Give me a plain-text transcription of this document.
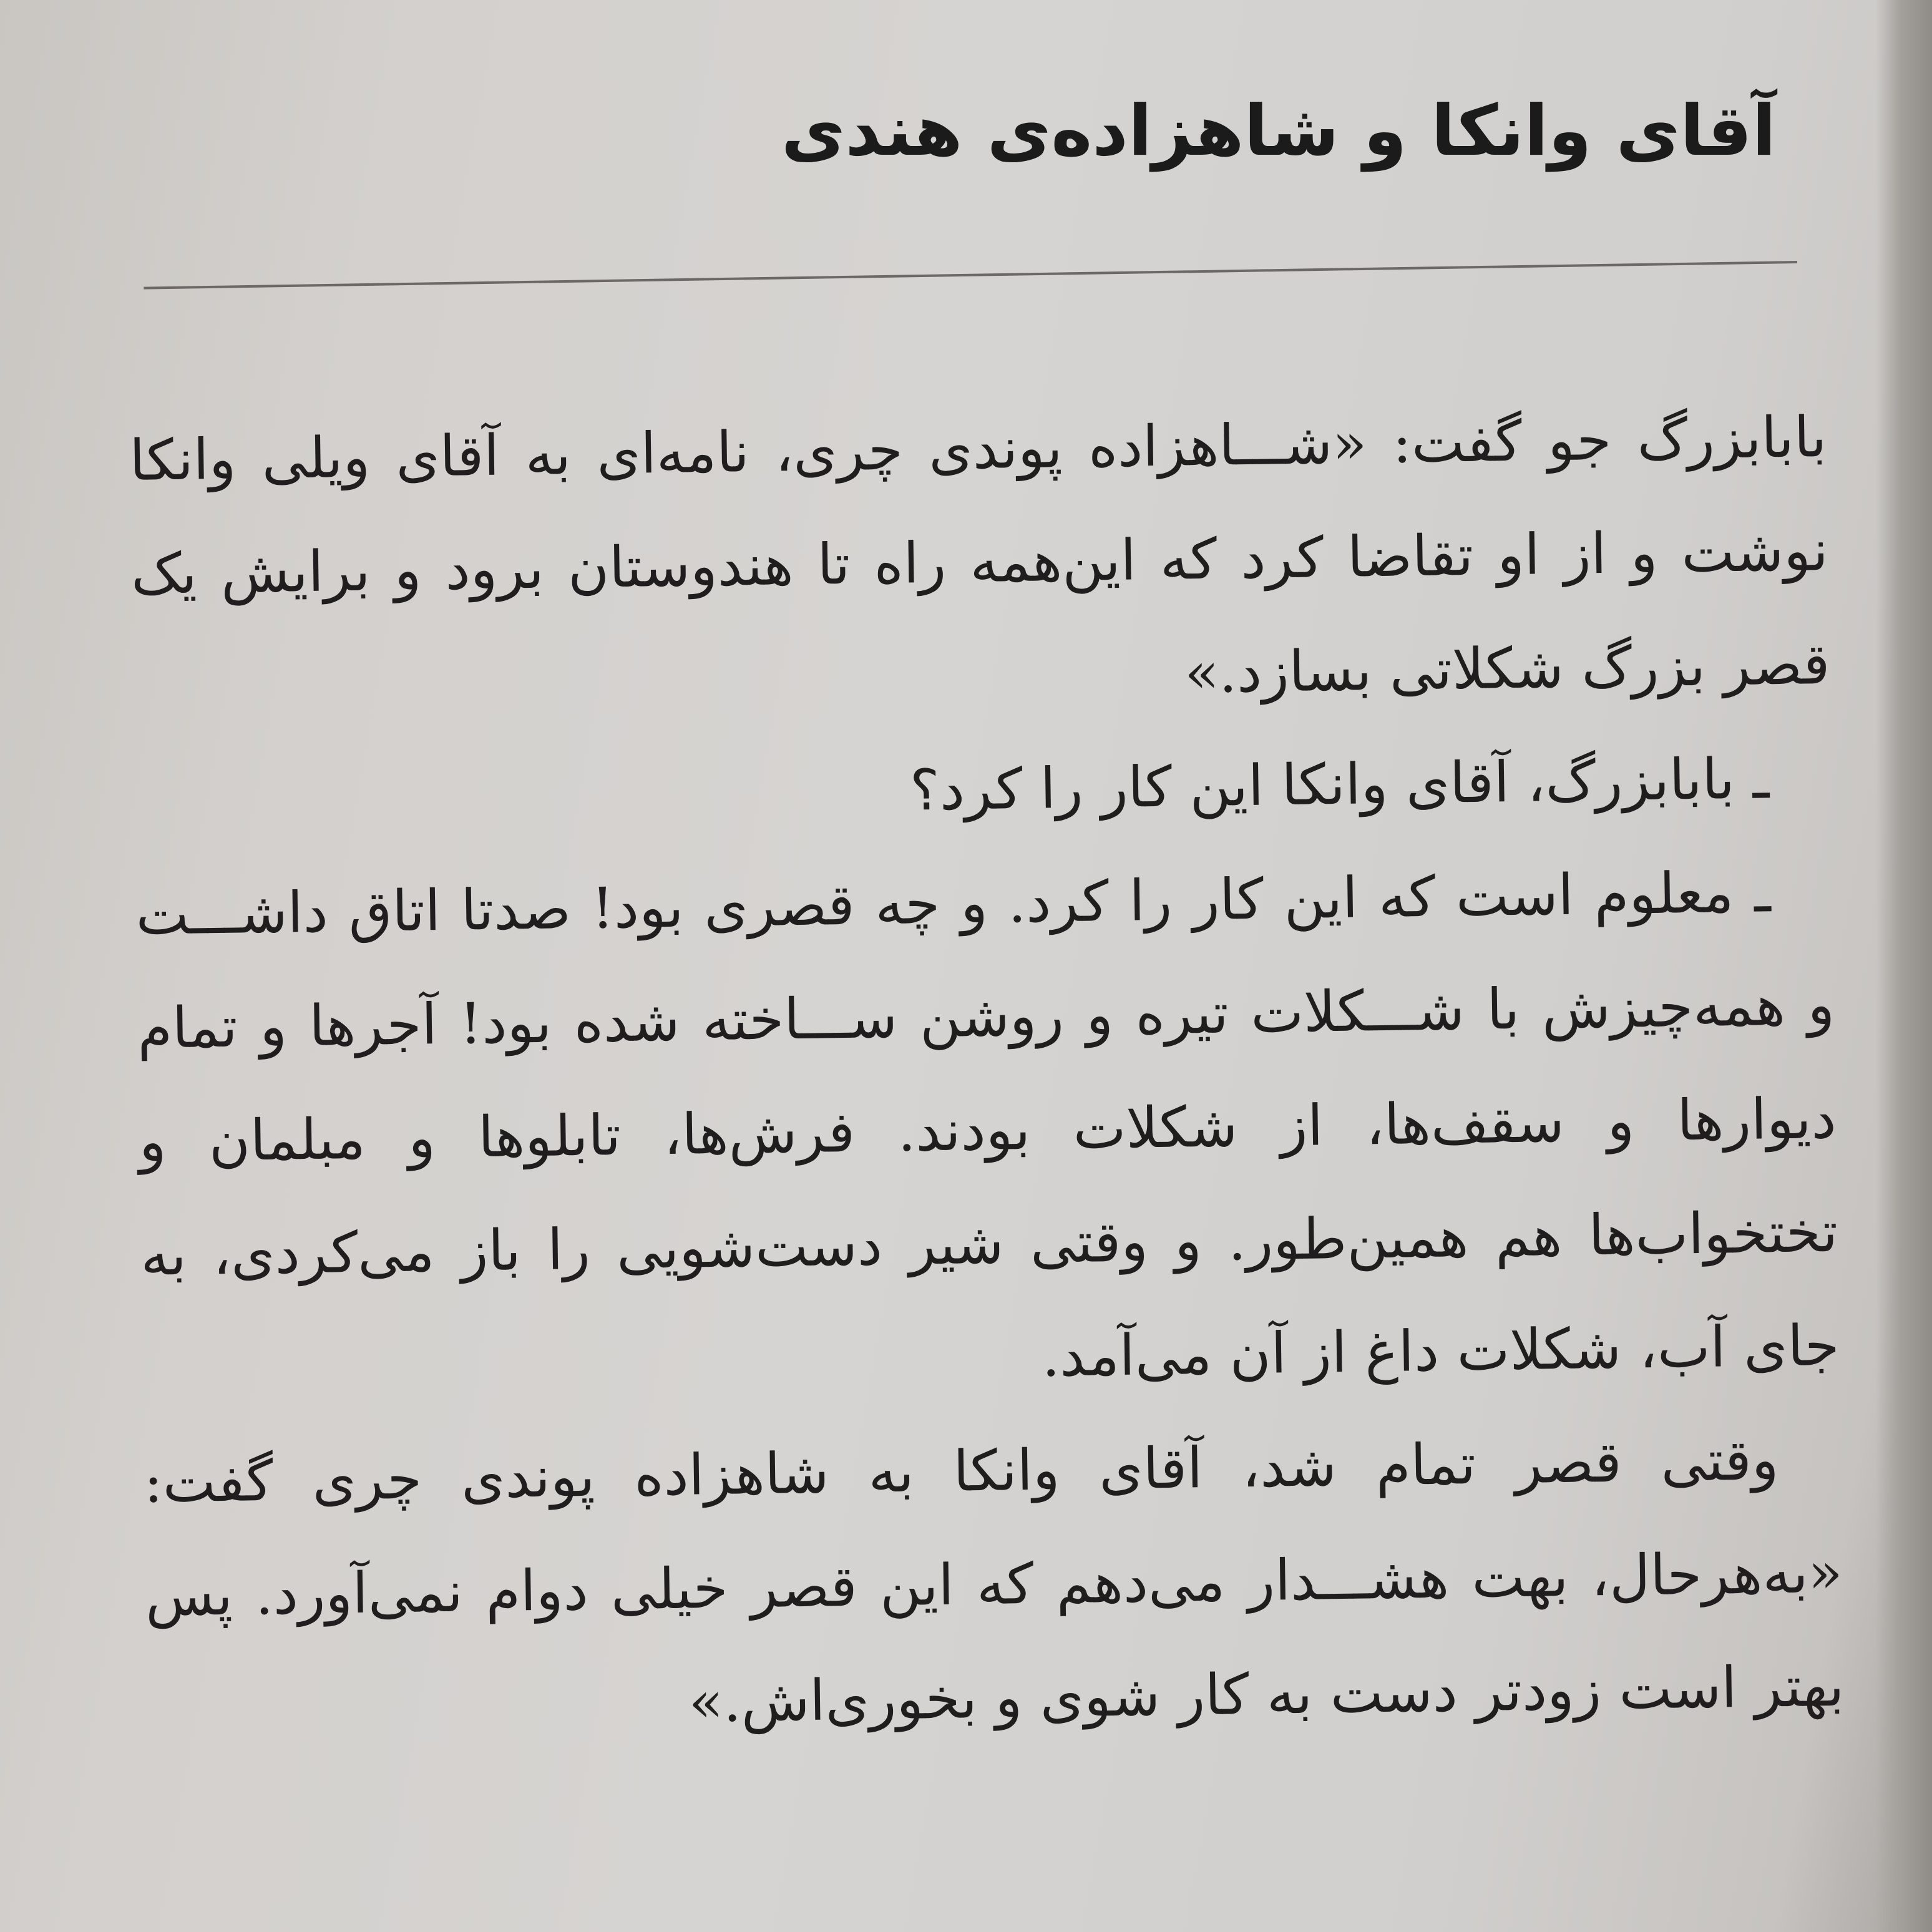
آقای وانکا و شاهزاده‌ی هندی

بابابزرگ جو گفت: «شـــاهزاده پوندی چری، نامه‌ای به آقای ویلی وانکا نوشت و از او تقاضا کرد که این‌همه راه تا هندوستان برود و برایش یک قصر بزرگ شکلاتی بسازد.»

ـ بابابزرگ، آقای وانکا این کار را کرد؟

ـ معلوم است که این کار را کرد. و چه قصری بود! صدتا اتاق داشـــت و همه‌چیزش با شـــکلات تیره و روشن ســـاخته شده بود! آجرها و تمام دیوارها و سقف‌ها، از شکلات بودند. فرش‌ها، تابلوها و مبلمان و تختخواب‌ها هم همین‌طور. و وقتی شیر دست‌شویی را باز می‌کردی، به جای آب، شکلات داغ از آن می‌آمد.

وقتی قصر تمام شد، آقای وانکا به شاهزاده پوندی چری گفت: «به‌هرحال، بهت هشـــدار می‌دهم که این قصر خیلی دوام نمی‌آورد. پس بهتر است زودتر دست به کار شوی و بخوری‌اش.»
